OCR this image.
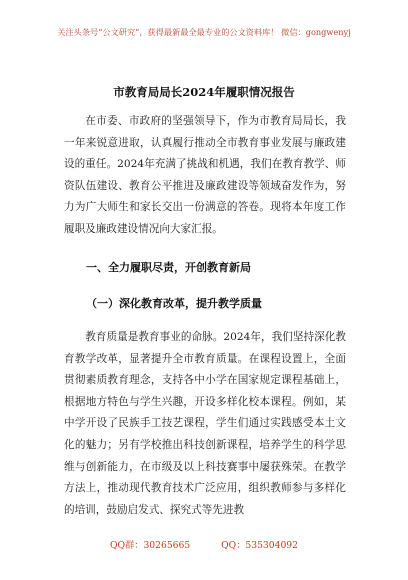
关注头条号“公文研究”，获得最新最全最专业的公文资料库！ 微信：gongwenyj
市教育局局长2024年履职情况报告

在市委、市政府的坚强领导下，作为市教育局局长，我一年来锐意进取，认真履行推动全市教育事业发展与廉政建设的重任。2024年充满了挑战和机遇，我们在教育教学、师资队伍建设、教育公平推进及廉政建设等领域奋发作为，努力为广大师生和家长交出一份满意的答卷。现将本年度工作履职及廉政建设情况向大家汇报。

一、全力履职尽责，开创教育新局
（一）深化教育改革，提升教学质量

教育质量是教育事业的命脉。2024年，我们坚持深化教育教学改革，显著提升全市教育质量。在课程设置上，全面贯彻素质教育理念，支持各中小学在国家规定课程基础上，根据地方特色与学生兴趣，开设多样化校本课程。例如，某中学开设了民族手工技艺课程，学生们通过实践感受本土文化的魅力；另有学校推出科技创新课程，培养学生的科学思维与创新能力，在市级及以上科技赛事中屡获殊荣。在教学方法上，推动现代教育技术广泛应用，组织教师参与多样化的培训，鼓励启发式、探究式等先进教

QQ群：30265665	QQ：535304092
